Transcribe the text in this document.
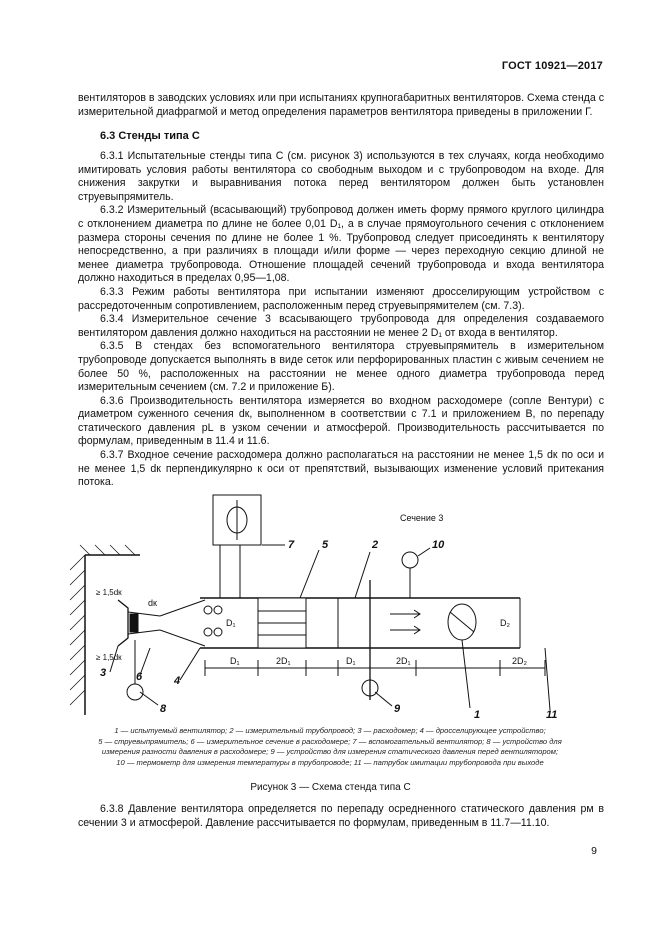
ГОСТ 10921—2017

вентиляторов в заводских условиях или при испытаниях крупногабаритных вентиляторов. Схема стенда с измерительной диафрагмой и метод определения параметров вентилятора приведены в приложении Г.

6.3 Стенды типа С

6.3.1 Испытательные стенды типа С (см. рисунок 3) используются в тех случаях, когда необходимо имитировать условия работы вентилятора со свободным выходом и с трубопроводом на входе. Для снижения закрутки и выравнивания потока перед вентилятором должен быть установлен струевыпрямитель.

6.3.2 Измерительный (всасывающий) трубопровод должен иметь форму прямого круглого цилиндра с отклонением диаметра по длине не более 0,01 D₁, а в случае прямоугольного сечения с отклонением размера стороны сечения по длине не более 1 %. Трубопровод следует присоединять к вентилятору непосредственно, а при различиях в площади и/или форме — через переходную секцию длиной не менее диаметра трубопровода. Отношение площадей сечений трубопровода и входа вентилятора должно находиться в пределах 0,95—1,08.

6.3.3 Режим работы вентилятора при испытании изменяют дросселирующим устройством с рассредоточенным сопротивлением, расположенным перед струевыпрямителем (см. 7.3).

6.3.4 Измерительное сечение 3 всасывающего трубопровода для определения создаваемого вентилятором давления должно находиться на расстоянии не менее 2 D₁ от входа в вентилятор.

6.3.5 В стендах без вспомогательного вентилятора струевыпрямитель в измерительном трубопроводе допускается выполнять в виде сеток или перфорированных пластин с живым сечением не более 50 %, расположенных на расстоянии не менее одного диаметра трубопровода перед измерительным сечением (см. 7.2 и приложение Б).

6.3.6 Производительность вентилятора измеряется во входном расходомере (сопле Вентури) с диаметром суженного сечения dк, выполненном в соответствии с 7.1 и приложением В, по перепаду статического давления pL в узком сечении и атмосферой. Производительность рассчитывается по формулам, приведенным в 11.4 и 11.6.

6.3.7 Входное сечение расходомера должно располагаться на расстоянии не менее 1,5 dк по оси и не менее 1,5 dк перпендикулярно к оси от препятствий, вызывающих изменение условий притекания потока.

Сечение 3
D₁
D₁	2D₁	D₁	2D₁	2D₂
D₂
dк
≥ 1,5dк
≥ 1,5dк
1
2
3
4
5
6
7
8	9
10
11
1 — испытуемый вентилятор; 2 — измерительный трубопровод; 3 — расходомер; 4 — дросселирующее устройство;
5 — струевыпрямитель; 6 — измерительное сечение в расходомере; 7 — вспомогательный вентилятор; 8 — устройство для
измерения разности давления в расходомере; 9 — устройство для измерения статического давления перед вентилятором;
10 — термометр для измерения температуры в трубопроводе; 11 — патрубок имитации трубопровода при выходе
Рисунок 3 — Схема стенда типа С

6.3.8 Давление вентилятора определяется по перепаду осредненного статического давления pм в сечении 3 и атмосферой. Давление рассчитывается по формулам, приведенным в 11.7—11.10.

9
